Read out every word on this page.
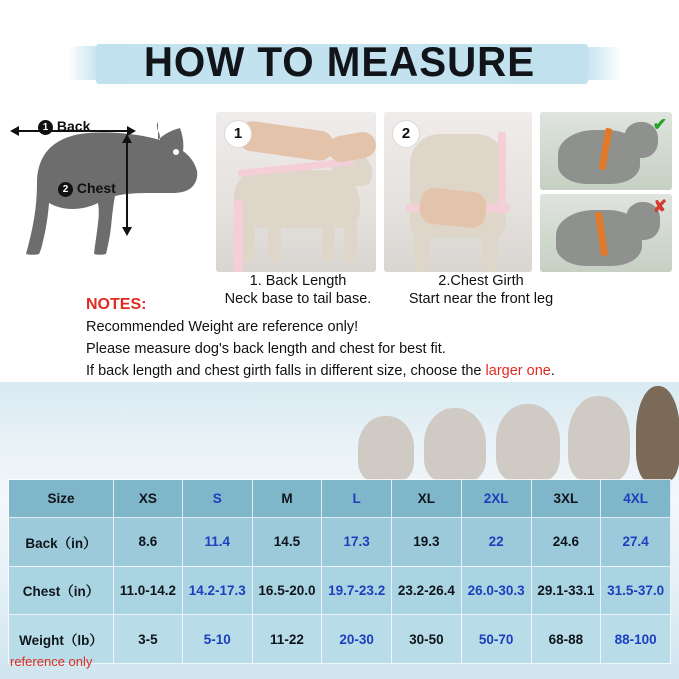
HOW TO MEASURE
1 Back
2 Chest
1	2	✔
✘
1. Back Length
Neck base to tail base.
2.Chest Girth
Start near the front leg
NOTES:

Recommended Weight are reference only!

Please measure dog's back length and chest for best fit.

If back length and chest girth falls in different size, choose the larger one.

Size	XS	S	M	L	XL	2XL	3XL	4XL
Back（in）	8.6	11.4	14.5	17.3	19.3	22	24.6	27.4
Chest（in）	11.0-14.2	14.2-17.3	16.5-20.0	19.7-23.2	23.2-26.4	26.0-30.3	29.1-33.1	31.5-37.0
Weight（lb）	3-5	5-10	11-22	20-30	30-50	50-70	68-88	88-100
reference only
